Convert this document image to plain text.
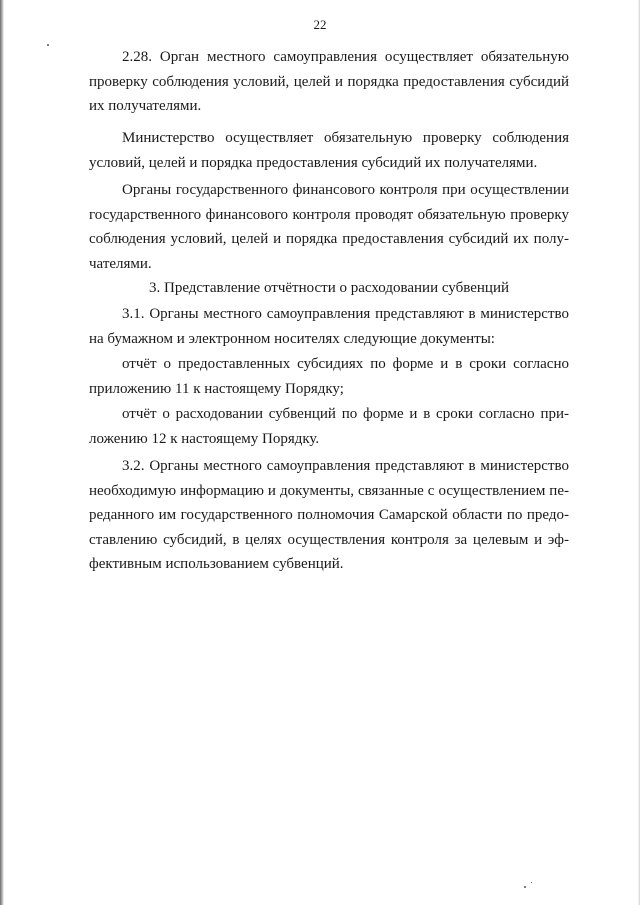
22
2.28. Орган местного самоуправления осуществляет обязательную
проверку соблюдения условий, целей и порядка предоставления субсидий
их получателями.
Министерство осуществляет обязательную проверку соблюдения
условий, целей и порядка предоставления субсидий их получателями.
Органы государственного финансового контроля при осуществлении
государственного финансового контроля проводят обязательную проверку
соблюдения условий, целей и порядка предоставления субсидий их полу-
чателями.
3. Представление отчётности о расходовании субвенций
3.1. Органы местного самоуправления представляют в министерство
на бумажном и электронном носителях следующие документы:
отчёт о предоставленных субсидиях по форме и в сроки согласно
приложению 11 к настоящему Порядку;
отчёт о расходовании субвенций по форме и в сроки согласно при-
ложению 12 к настоящему Порядку.
3.2. Органы местного самоуправления представляют в министерство
необходимую информацию и документы, связанные с осуществлением пе-
реданного им государственного полномочия Самарской области по предо-
ставлению субсидий, в целях осуществления контроля за целевым и эф-
фективным использованием субвенций.
